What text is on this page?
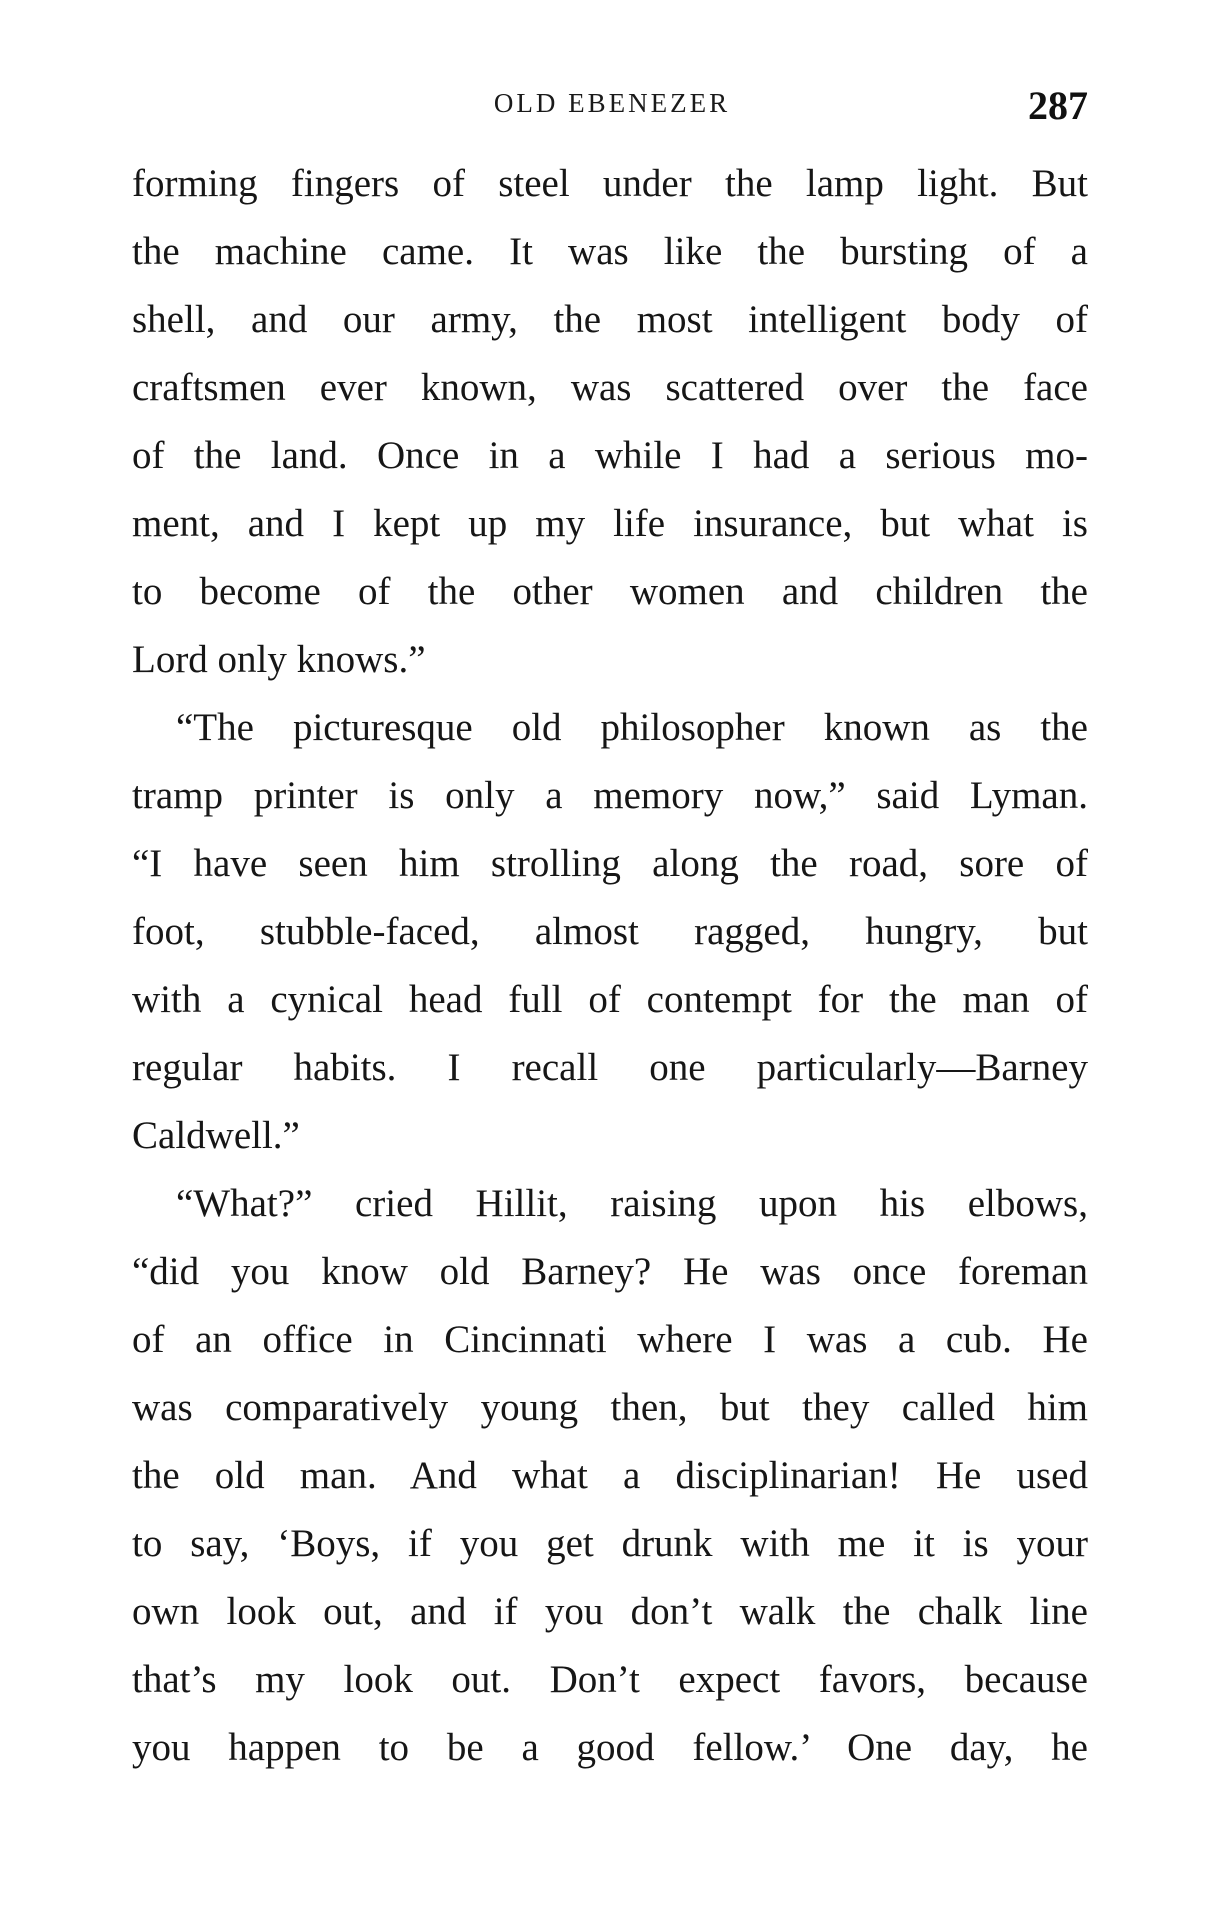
OLD EBENEZER	287

forming fingers of steel under the lamp light. But
the machine came. It was like the bursting of a
shell, and our army, the most intelligent body of
craftsmen ever known, was scattered over the face
of the land. Once in a while I had a serious mo-
ment, and I kept up my life insurance, but what is
to become of the other women and children the
Lord only knows.”

“The picturesque old philosopher known as the
tramp printer is only a memory now,” said Lyman.
“I have seen him strolling along the road, sore of
foot, stubble-faced, almost ragged, hungry, but
with a cynical head full of contempt for the man of
regular habits. I recall one particularly—Barney
Caldwell.”

“What?” cried Hillit, raising upon his elbows,
“did you know old Barney? He was once foreman
of an office in Cincinnati where I was a cub. He
was comparatively young then, but they called him
the old man. And what a disciplinarian! He used
to say, ‘Boys, if you get drunk with me it is your
own look out, and if you don’t walk the chalk line
that’s my look out. Don’t expect favors, because
you happen to be a good fellow.’ One day, he
